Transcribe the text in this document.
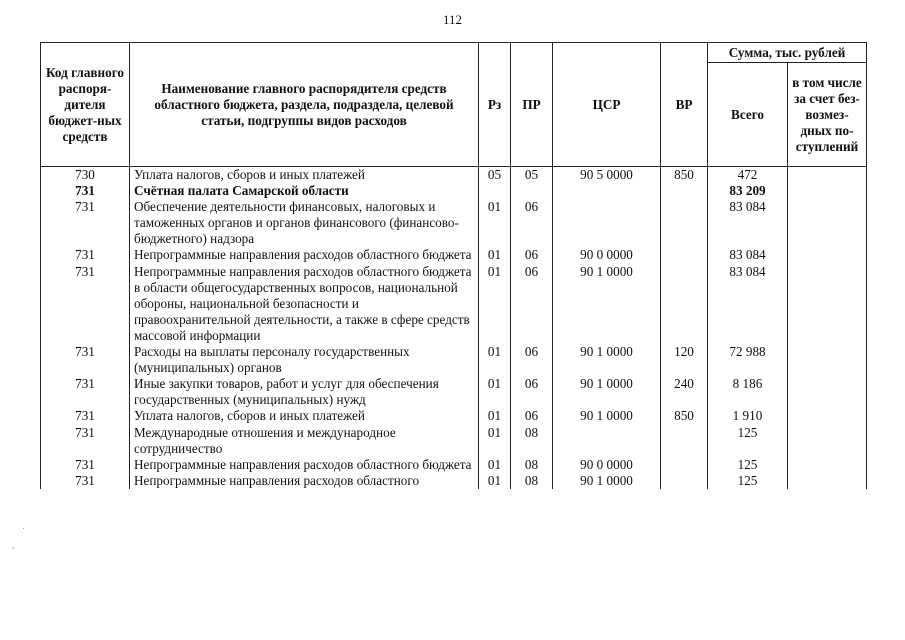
112
Код главного распоря-дителя бюджет-ных средств	Наименование главного распорядителя средств областного бюджета, раздела, подраздела, целевой статьи, подгруппы видов расходов	Рз	ПР	ЦСР	ВР	Сумма, тыс. рублей	
						Всего	в том числе за счет без-возмез-дных по-ступлений
730	Уплата налогов, сборов и иных платежей	05	05	90 5 0000	850	472	
731	Счётная палата Самарской области					83 209	
731	Обеспечение деятельности финансовых, налоговых и таможенных органов и органов финансового (финансово-бюджетного) надзора	01	06			83 084	
731	Непрограммные направления расходов областного бюджета	01	06	90 0 0000		83 084	
731	Непрограммные направления расходов областного бюджета в области общегосударственных вопросов, национальной обороны, национальной безопасности и правоохранительной деятельности, а также в сфере средств массовой информации	01	06	90 1 0000		83 084	
731	Расходы на выплаты персоналу государственных (муниципальных) органов	01	06	90 1 0000	120	72 988	
731	Иные закупки товаров, работ и услуг для обеспечения государственных (муниципальных) нужд	01	06	90 1 0000	240	8 186	
731	Уплата налогов, сборов и иных платежей	01	06	90 1 0000	850	1 910	
731	Международные отношения и международное сотрудничество	01	08			125	
731	Непрограммные направления расходов областного бюджета	01	08	90 0 0000		125	
731	Непрограммные направления расходов областного	01	08	90 1 0000		125	
·
,
